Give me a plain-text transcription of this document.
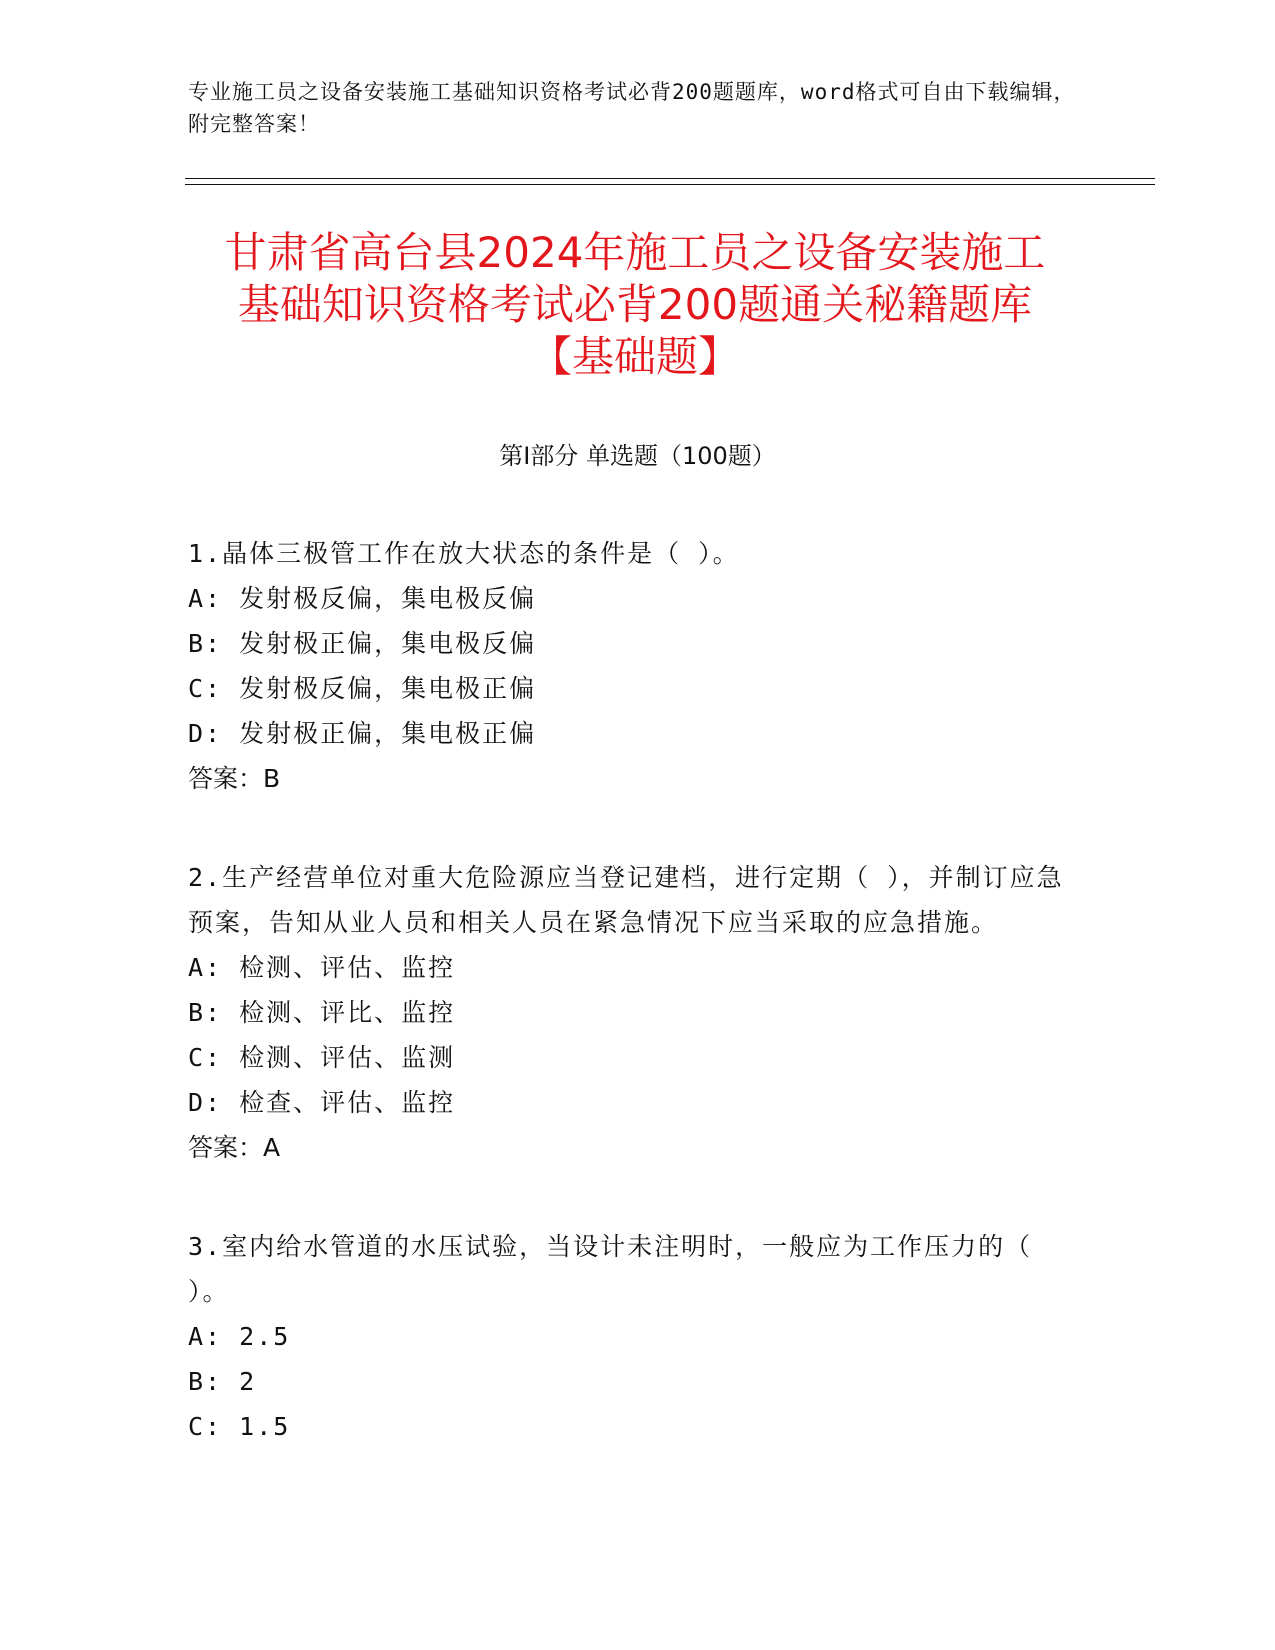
专业施工员之设备安装施工基础知识资格考试必背200题题库，word格式可自由下载编辑，附完整答案！
甘肃省高台县2024年施工员之设备安装施工
基础知识资格考试必背200题通关秘籍题库
【基础题】
第Ⅰ部分 单选题（100题）
1.晶体三极管工作在放大状态的条件是（ ）。
A: 发射极反偏，集电极反偏
B: 发射极正偏，集电极反偏
C: 发射极反偏，集电极正偏
D: 发射极正偏，集电极正偏
答案：B
2.生产经营单位对重大危险源应当登记建档，进行定期（ ），并制订应急预案，告知从业人员和相关人员在紧急情况下应当采取的应急措施。
A: 检测、评估、监控
B: 检测、评比、监控
C: 检测、评估、监测
D: 检查、评估、监控
答案：A
3.室内给水管道的水压试验，当设计未注明时，一般应为工作压力的（ ）。
A: 2.5
B: 2
C: 1.5
